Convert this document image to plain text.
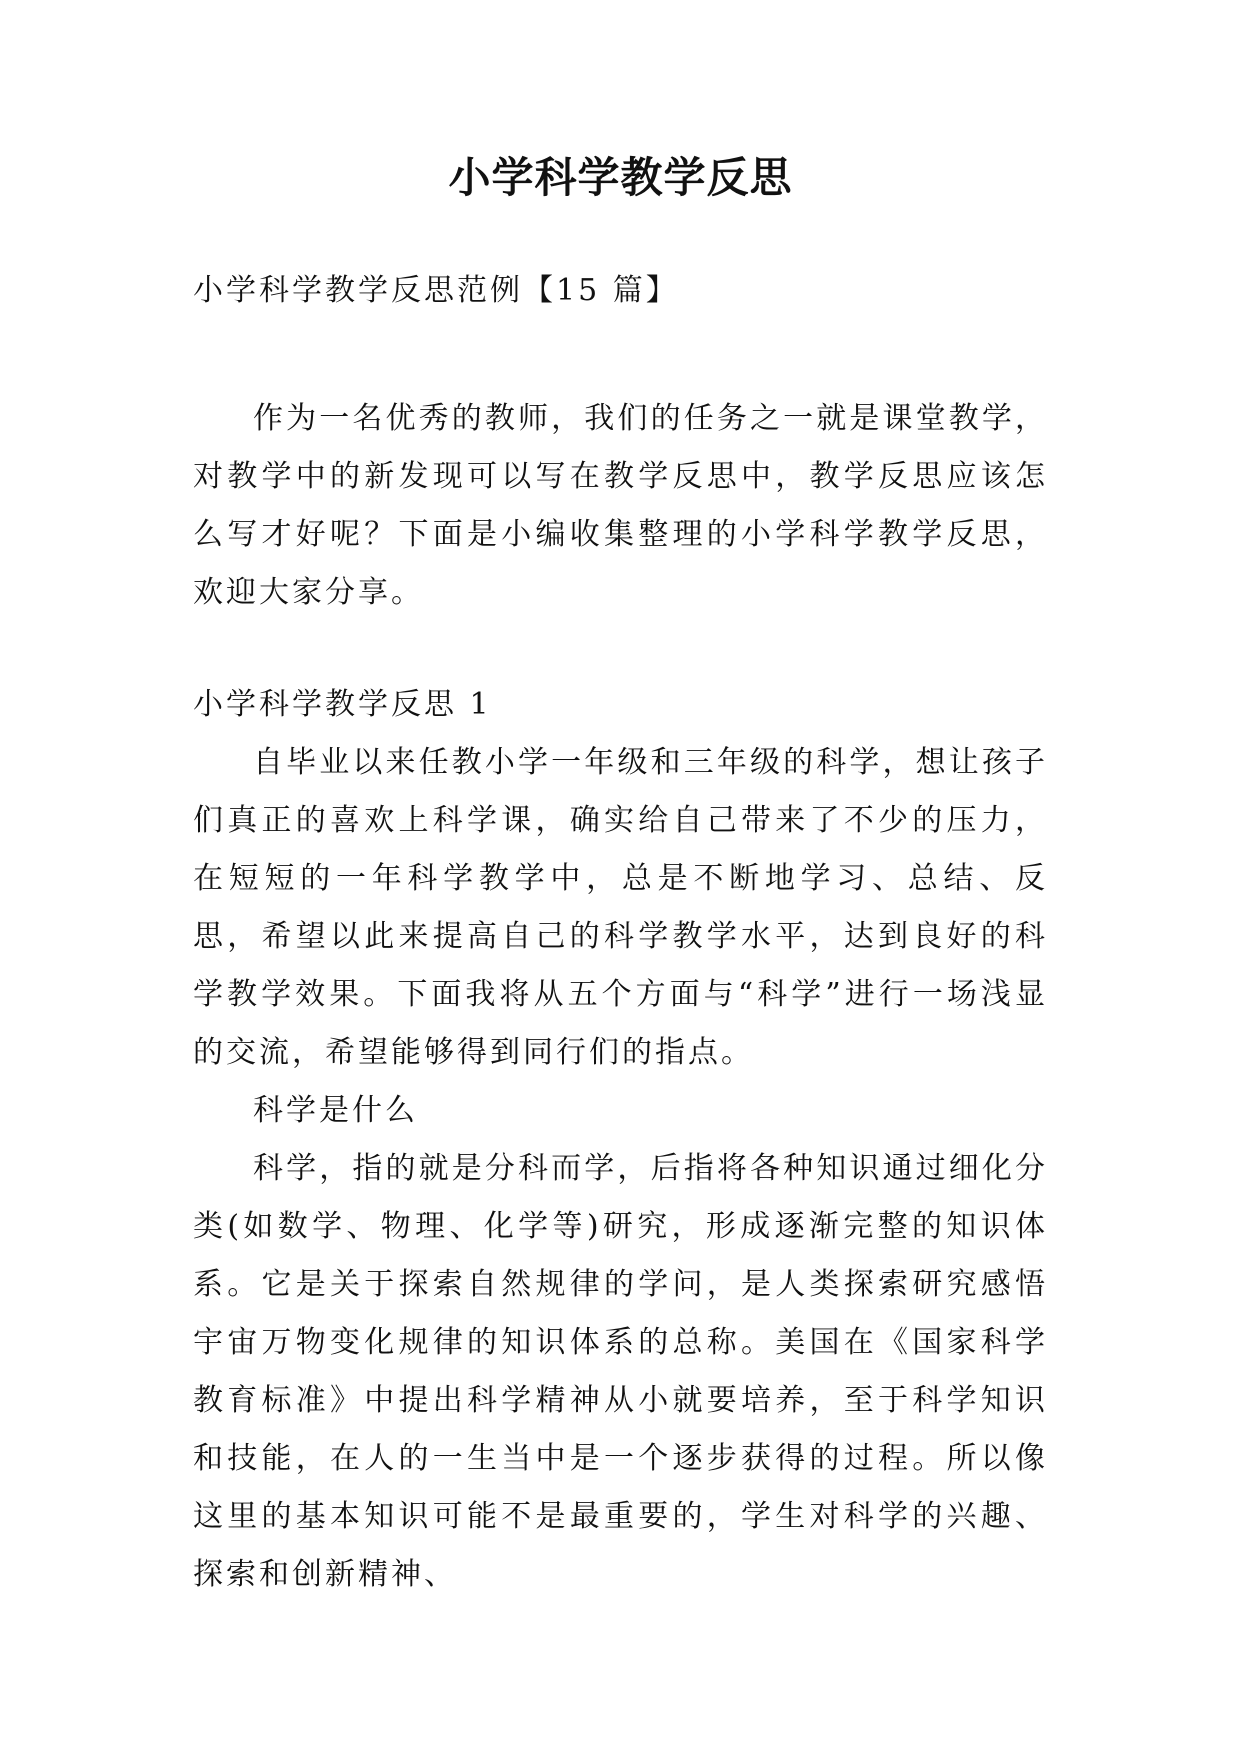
小学科学教学反思

小学科学教学反思范例【15 篇】

作为一名优秀的教师，我们的任务之一就是课堂教学，对教学中的新发现可以写在教学反思中，教学反思应该怎么写才好呢？下面是小编收集整理的小学科学教学反思，欢迎大家分享。

小学科学教学反思 1

自毕业以来任教小学一年级和三年级的科学，想让孩子们真正的喜欢上科学课，确实给自己带来了不少的压力，在短短的一年科学教学中，总是不断地学习、总结、反思，希望以此来提高自己的科学教学水平，达到良好的科学教学效果。下面我将从五个方面与“科学”进行一场浅显的交流，希望能够得到同行们的指点。

科学是什么

科学，指的就是分科而学，后指将各种知识通过细化分类(如数学、物理、化学等)研究，形成逐渐完整的知识体系。它是关于探索自然规律的学问，是人类探索研究感悟宇宙万物变化规律的知识体系的总称。美国在《国家科学教育标准》中提出科学精神从小就要培养，至于科学知识和技能，在人的一生当中是一个逐步获得的过程。所以像这里的基本知识可能不是最重要的，学生对科学的兴趣、探索和创新精神、
